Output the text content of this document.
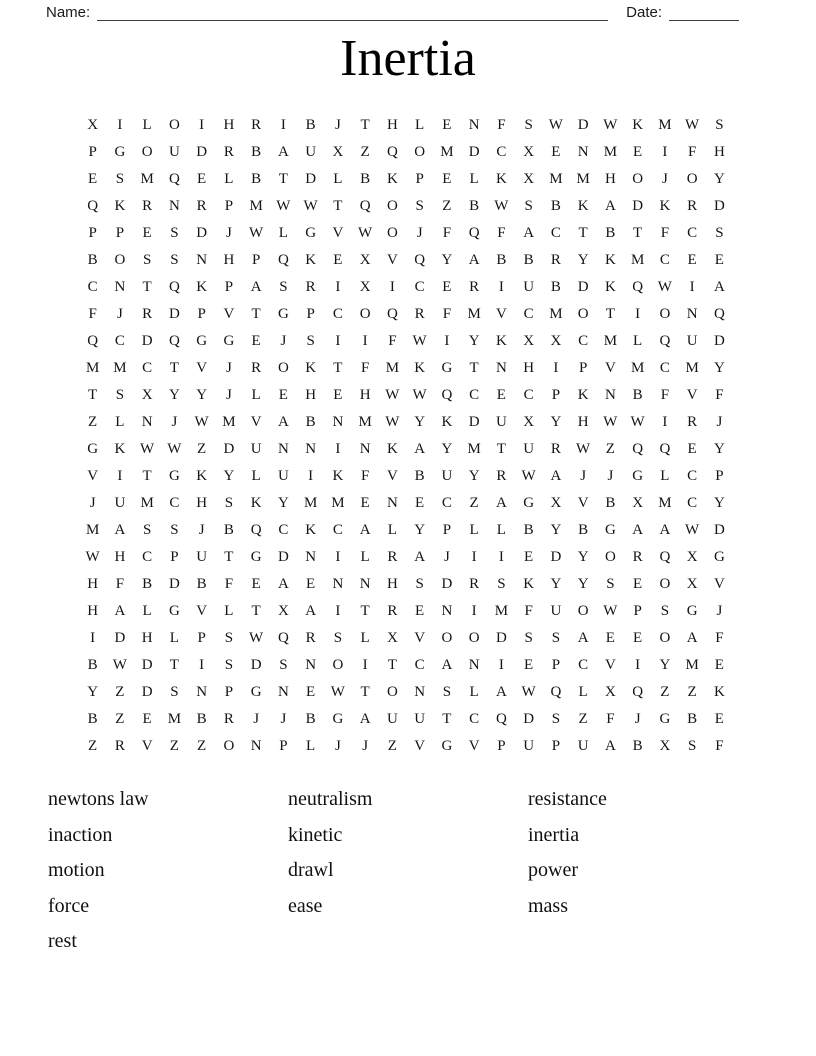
Name:	Date:
Inertia
X	I	L	O	I	H	R	I	B	J	T	H	L	E	N	F	S	W D W K	M W	S
P	G	O	U	D	R	B	A	U	X	Z	Q	O	M	D	C	X	E	N	M	E	I	F	H
E	S	M	Q	E	L	B	T	D	L	B	K	P	E	L	K	X	M M	H	O	J	O	Y
Q	K	R	N	R	P	M W W	T	Q	O	S	Z	B	W	S	B	K	A	D	K	R	D
P	P	E	S	D	J	W	L	G	V W O	J	F	Q	F	A	C	T	B	T	F	C	S
B	O	S	S	N	H	P	Q	K	E	X	V	Q	Y	A	B	B	R	Y	K	M	C	E	E
C	N	T	Q	K	P	A	S	R	I	X	I	C	E	R	I	U	B	D	K	Q W	I	A
F	J	R	D	P	V	T	G	P	C	O	Q	R	F	M	V	C	M	O	T	I	O	N	Q
Q	C	D	Q	G	G	E	J	S	I	I	F	W	I	Y	K	X	X	C	M	L	Q	U	D
M M	C	T	V	J	R	O	K	T	F	M	K	G	T	N	H	I	P	V	M	C	M	Y
T	S	X	Y	Y	J	L	E	H	E	H W W Q	C	E	C	P	K	N	B	F	V	F
Z	L	N	J	W M	V	A	B	N	M W Y	K	D	U	X	Y	H W W	I	R	J
G	K W W	Z	D	U	N	N	I	N	K	A	Y	M	T	U	R	W	Z	Q	Q	E	Y
V	I	T	G	K	Y	L	U	I	K	F	V	B	U	Y	R	W A	J	J	G	L	C	P
J	U	M	C	H	S	K	Y	M M	E	N	E	C	Z	A	G	X	V	B	X	M	C	Y
M	A	S	S	J	B	Q	C	K	C	A	L	Y	P	L	L	B	Y	B	G	A	A W D
W H	C	P	U	T	G	D	N	I	L	R	A	J	I	I	E	D	Y	O	R	Q	X	G
H	F	B	D	B	F	E	A	E	N	N	H	S	D	R	S	K	Y	Y	S	E	O	X	V
H	A	L	G	V	L	T	X	A	I	T	R	E	N	I	M	F	U	O W	P	S	G	J
I	D	H	L	P	S	W Q	R	S	L	X	V	O	O	D	S	S	A	E	E	O	A	F
B	W D	T	I	S	D	S	N	O	I	T	C	A	N	I	E	P	C	V	I	Y	M	E
Y	Z	D	S	N	P	G	N	E	W	T	O	N	S	L	A W Q	L	X	Q	Z	Z	K
B	Z	E	M	B	R	J	J	B	G	A	U	U	T	C	Q	D	S	Z	F	J	G	B	E
Z	R	V	Z	Z	O	N	P	L	J	J	Z	V	G	V	P	U	P	U	A	B	X	S	F
newtons law
inaction
motion
force
rest
neutralism
kinetic
drawl
ease
resistance
inertia
power
mass
